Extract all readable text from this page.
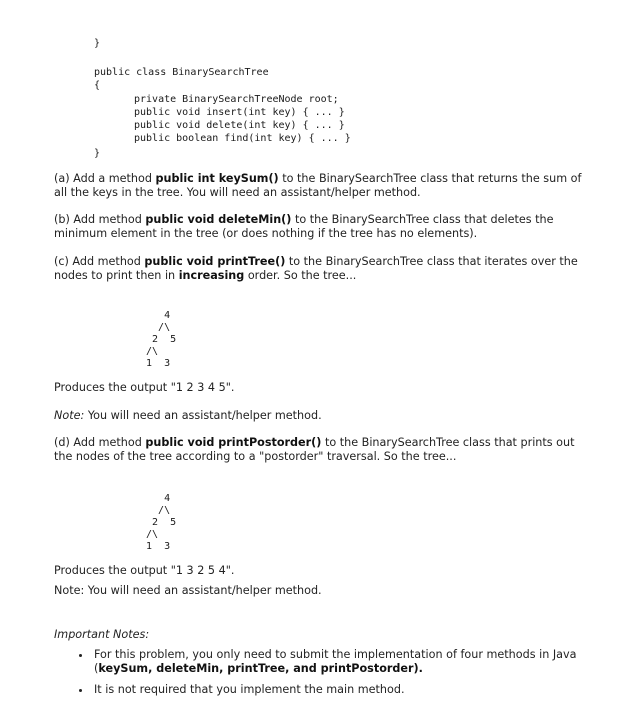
}
public class BinarySearchTree
{
private BinarySearchTreeNode root;
public void insert(int key) { ... }
public void delete(int key) { ... }
public boolean find(int key) { ... }
}
(a) Add a method public int keySum() to the BinarySearchTree class that returns the sum of all the keys in the tree. You will need an assistant/helper method.
(b) Add method public void deleteMin() to the BinarySearchTree class that deletes the minimum element in the tree (or does nothing if the tree has no elements).
(c) Add method public void printTree() to the BinarySearchTree class that iterates over the nodes to print then in increasing order. So the tree...

4
/\
2  5
/\
1  3

Produces the output "1 2 3 4 5".
Note: You will need an assistant/helper method.
(d) Add method public void printPostorder() to the BinarySearchTree class that prints out the nodes of the tree according to a "postorder" traversal. So the tree...

4
/\
2  5
/\
1  3

Produces the output "1 3 2 5 4".
Note: You will need an assistant/helper method.
Important Notes:
• For this problem, you only need to submit the implementation of four methods in Java (keySum, deleteMin, printTree, and printPostorder).
• It is not required that you implement the main method.
